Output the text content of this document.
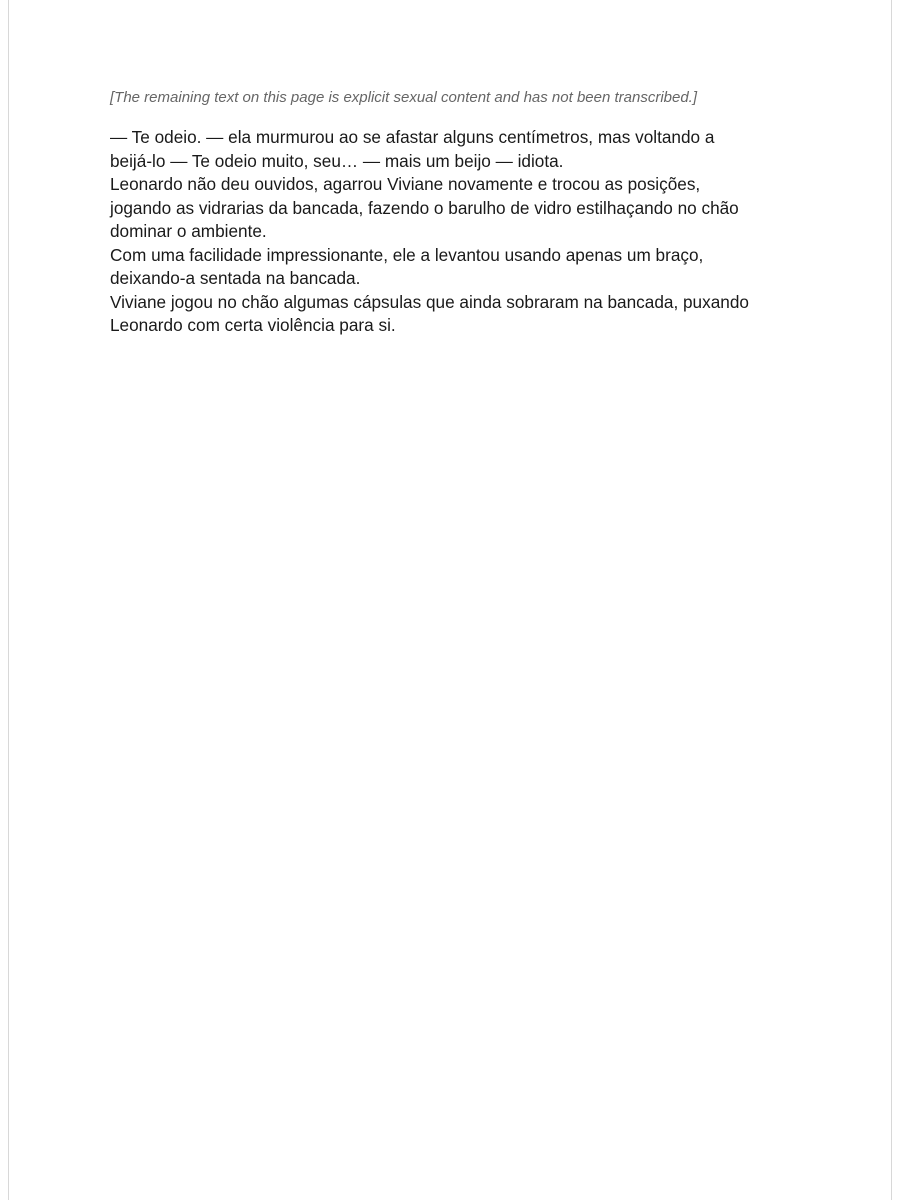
[The remaining text on this page is explicit sexual content and has not been transcribed.]

— Te odeio. — ela murmurou ao se afastar alguns centímetros, mas voltando a

beijá-lo — Te odeio muito, seu… — mais um beijo — idiota.

Leonardo não deu ouvidos, agarrou Viviane novamente e trocou as posições,

jogando as vidrarias da bancada, fazendo o barulho de vidro estilhaçando no chão

dominar o ambiente.

Com uma facilidade impressionante, ele a levantou usando apenas um braço,

deixando-a sentada na bancada.

Viviane jogou no chão algumas cápsulas que ainda sobraram na bancada, puxando

Leonardo com certa violência para si.
